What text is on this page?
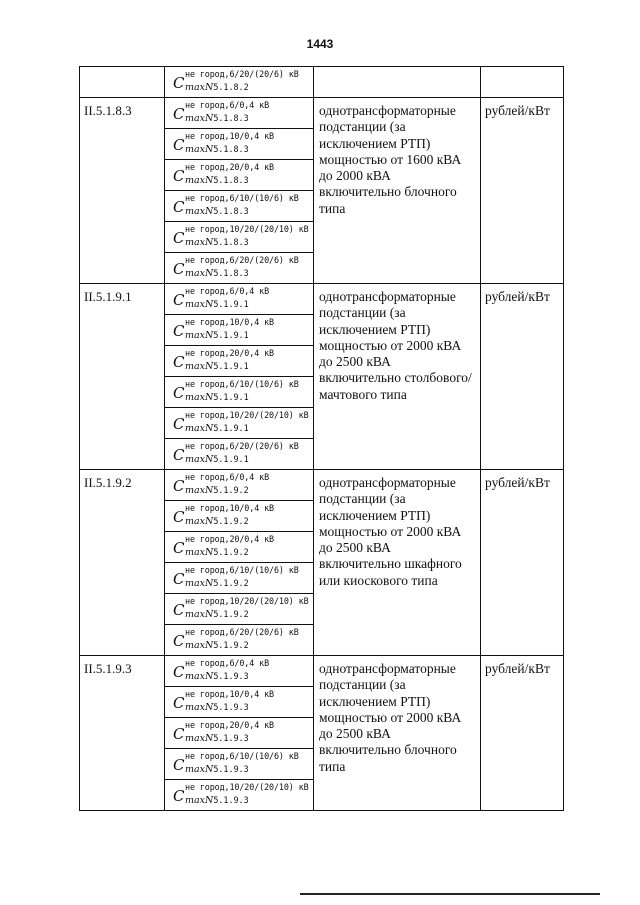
1443

	C не город,6/20/(20/6) кВ
maxN5.1.8.2		

II.5.1.8.3	C не город,6/0,4 кВ
maxN5.1.8.3	однотрансформаторные подстанции (за исключением РТП) мощностью от 1600 кВА до 2000 кВА включительно блочного типа	рублей/кВт

	C не город,10/0,4 кВ
maxN5.1.8.3		

	C не город,20/0,4 кВ
maxN5.1.8.3		

	C не город,6/10/(10/6) кВ
maxN5.1.8.3		

	C не город,10/20/(20/10) кВ
maxN5.1.8.3		

	C не город,6/20/(20/6) кВ
maxN5.1.8.3		

II.5.1.9.1	C не город,6/0,4 кВ
maxN5.1.9.1	однотрансформаторные подстанции (за исключением РТП) мощностью от 2000 кВА до 2500 кВА включительно столбового/мачтового типа	рублей/кВт

	C не город,10/0,4 кВ
maxN5.1.9.1		

	C не город,20/0,4 кВ
maxN5.1.9.1		

	C не город,6/10/(10/6) кВ
maxN5.1.9.1		

	C не город,10/20/(20/10) кВ
maxN5.1.9.1		

	C не город,6/20/(20/6) кВ
maxN5.1.9.1		

II.5.1.9.2	C не город,6/0,4 кВ
maxN5.1.9.2	однотрансформаторные подстанции (за исключением РТП) мощностью от 2000 кВА до 2500 кВА включительно шкафного или киоскового типа	рублей/кВт

	C не город,10/0,4 кВ
maxN5.1.9.2		

	C не город,20/0,4 кВ
maxN5.1.9.2		

	C не город,6/10/(10/6) кВ
maxN5.1.9.2		

	C не город,10/20/(20/10) кВ
maxN5.1.9.2		

	C не город,6/20/(20/6) кВ
maxN5.1.9.2		

II.5.1.9.3	C не город,6/0,4 кВ
maxN5.1.9.3	однотрансформаторные подстанции (за исключением РТП) мощностью от 2000 кВА до 2500 кВА включительно блочного типа	рублей/кВт

	C не город,10/0,4 кВ
maxN5.1.9.3		

	C не город,20/0,4 кВ
maxN5.1.9.3		

	C не город,6/10/(10/6) кВ
maxN5.1.9.3		

	C не город,10/20/(20/10) кВ
maxN5.1.9.3		
